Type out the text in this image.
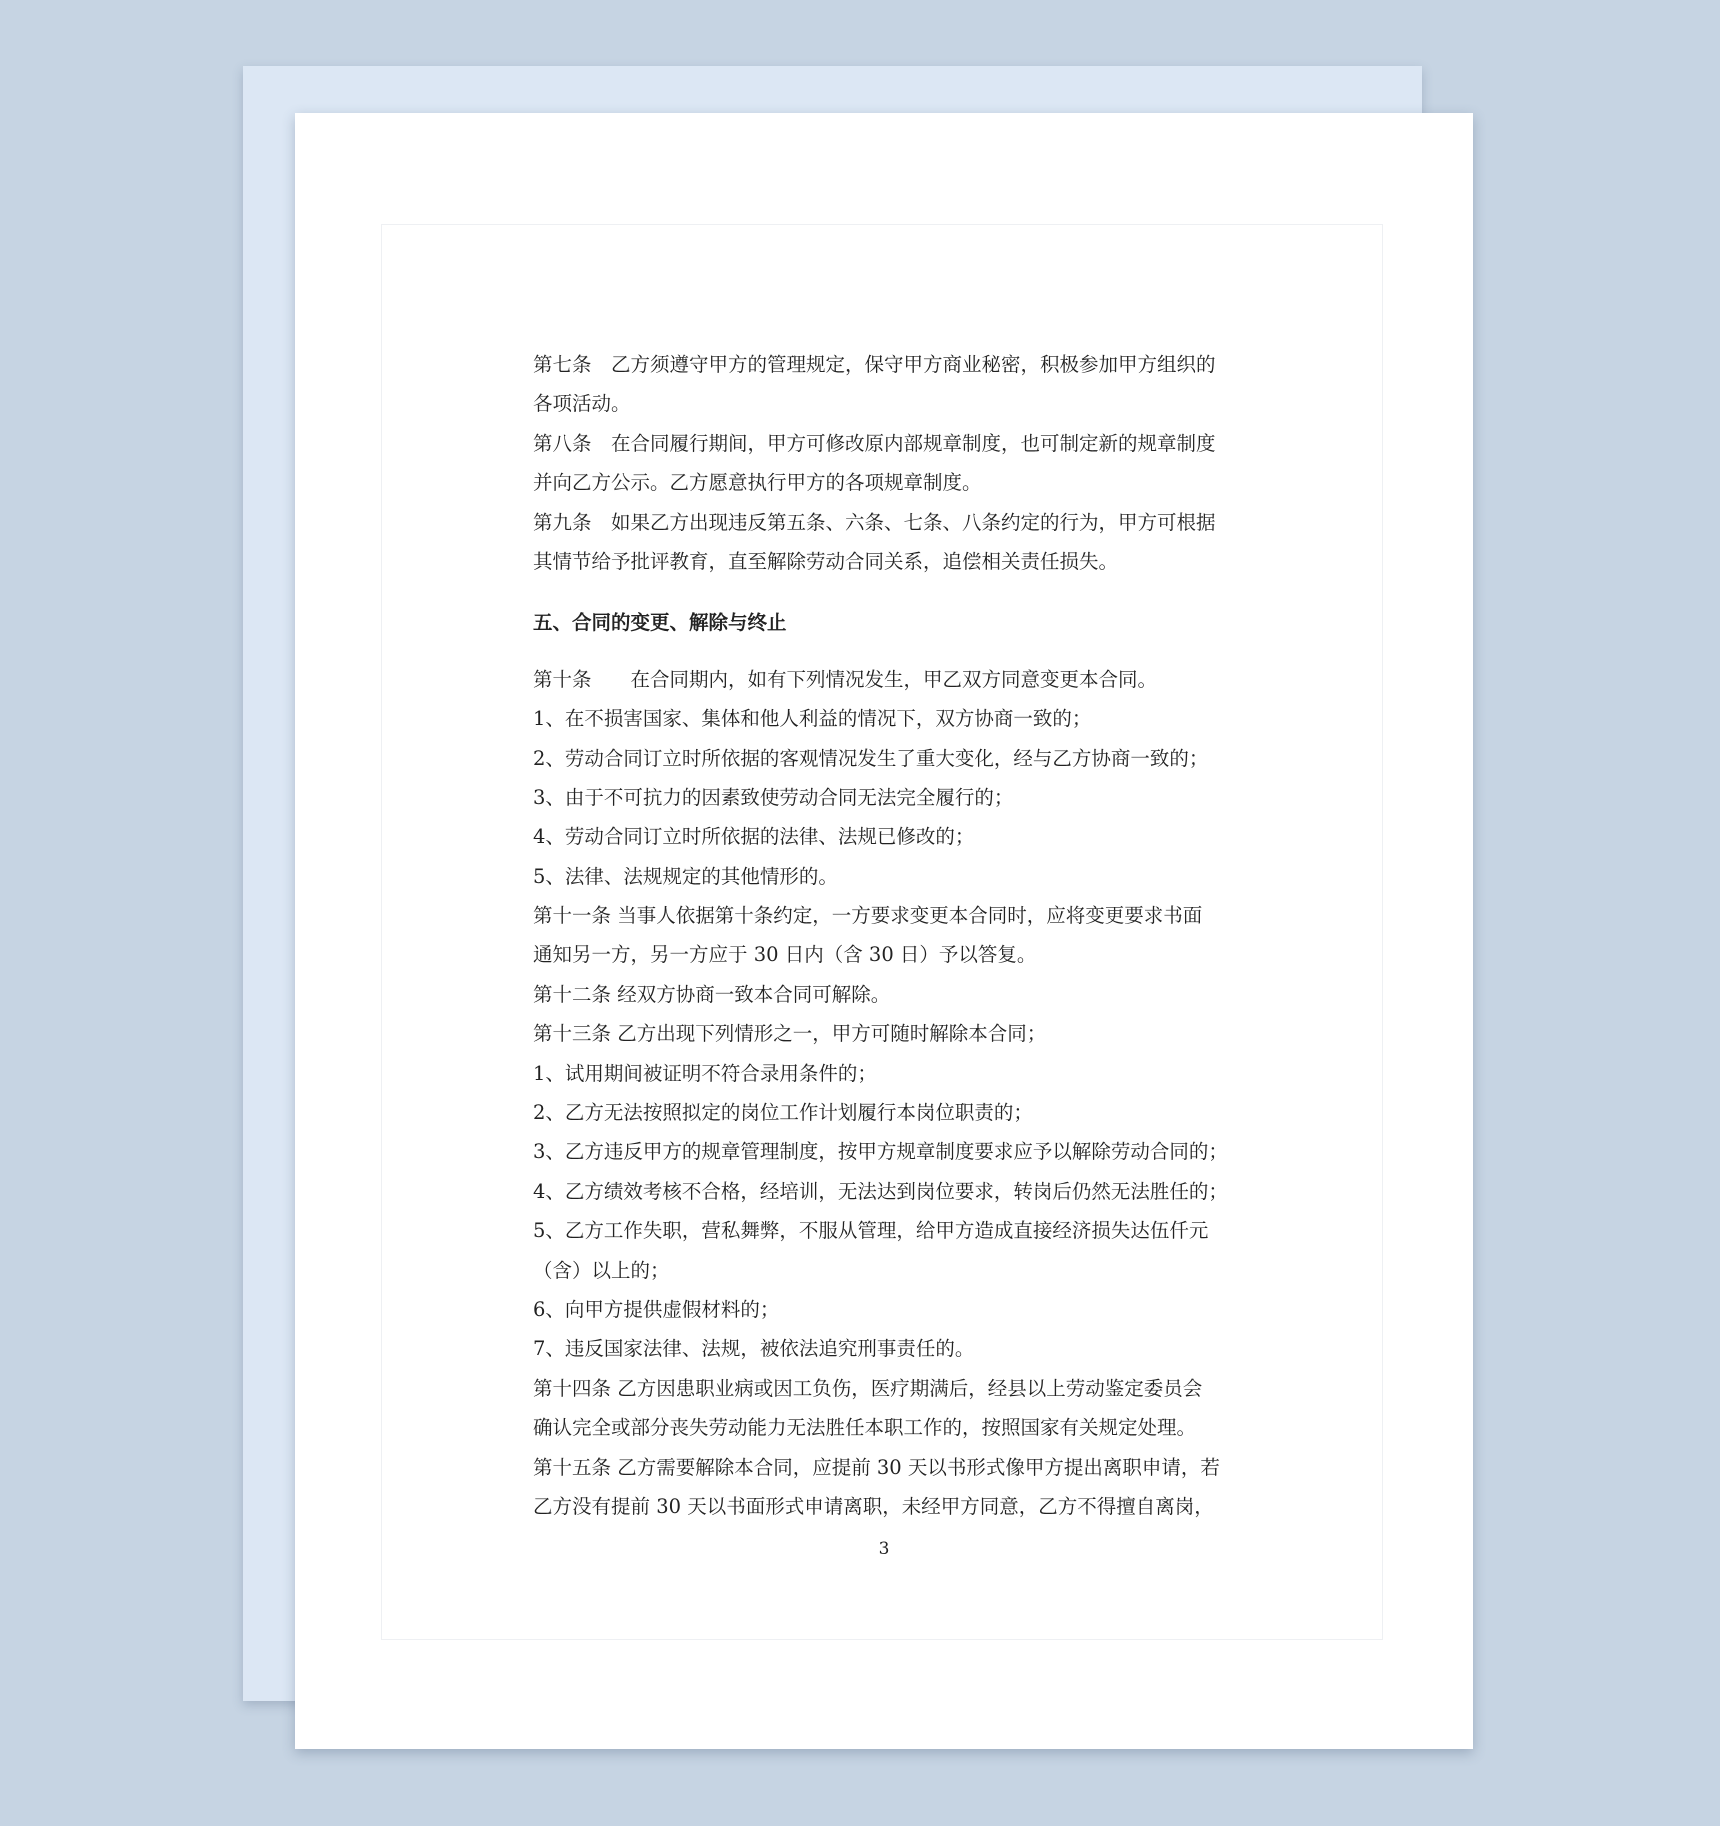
第七条　乙方须遵守甲方的管理规定，保守甲方商业秘密，积极参加甲方组织的
各项活动。
第八条　在合同履行期间，甲方可修改原内部规章制度，也可制定新的规章制度
并向乙方公示。乙方愿意执行甲方的各项规章制度。
第九条　如果乙方出现违反第五条、六条、七条、八条约定的行为，甲方可根据
其情节给予批评教育，直至解除劳动合同关系，追偿相关责任损失。
五、合同的变更、解除与终止
第十条　　在合同期内，如有下列情况发生，甲乙双方同意变更本合同。
1、在不损害国家、集体和他人利益的情况下，双方协商一致的；
2、劳动合同订立时所依据的客观情况发生了重大变化，经与乙方协商一致的；
3、由于不可抗力的因素致使劳动合同无法完全履行的；
4、劳动合同订立时所依据的法律、法规已修改的；
5、法律、法规规定的其他情形的。
第十一条 当事人依据第十条约定，一方要求变更本合同时，应将变更要求书面
通知另一方，另一方应于 30 日内（含 30 日）予以答复。
第十二条 经双方协商一致本合同可解除。
第十三条 乙方出现下列情形之一，甲方可随时解除本合同；
1、试用期间被证明不符合录用条件的；
2、乙方无法按照拟定的岗位工作计划履行本岗位职责的；
3、乙方违反甲方的规章管理制度，按甲方规章制度要求应予以解除劳动合同的；
4、乙方绩效考核不合格，经培训，无法达到岗位要求，转岗后仍然无法胜任的；
5、乙方工作失职，营私舞弊，不服从管理，给甲方造成直接经济损失达伍仟元
（含）以上的；
6、向甲方提供虚假材料的；
7、违反国家法律、法规，被依法追究刑事责任的。
第十四条 乙方因患职业病或因工负伤，医疗期满后，经县以上劳动鉴定委员会
确认完全或部分丧失劳动能力无法胜任本职工作的，按照国家有关规定处理。
第十五条 乙方需要解除本合同，应提前 30 天以书形式像甲方提出离职申请，若
乙方没有提前 30 天以书面形式申请离职，未经甲方同意，乙方不得擅自离岗，
3
